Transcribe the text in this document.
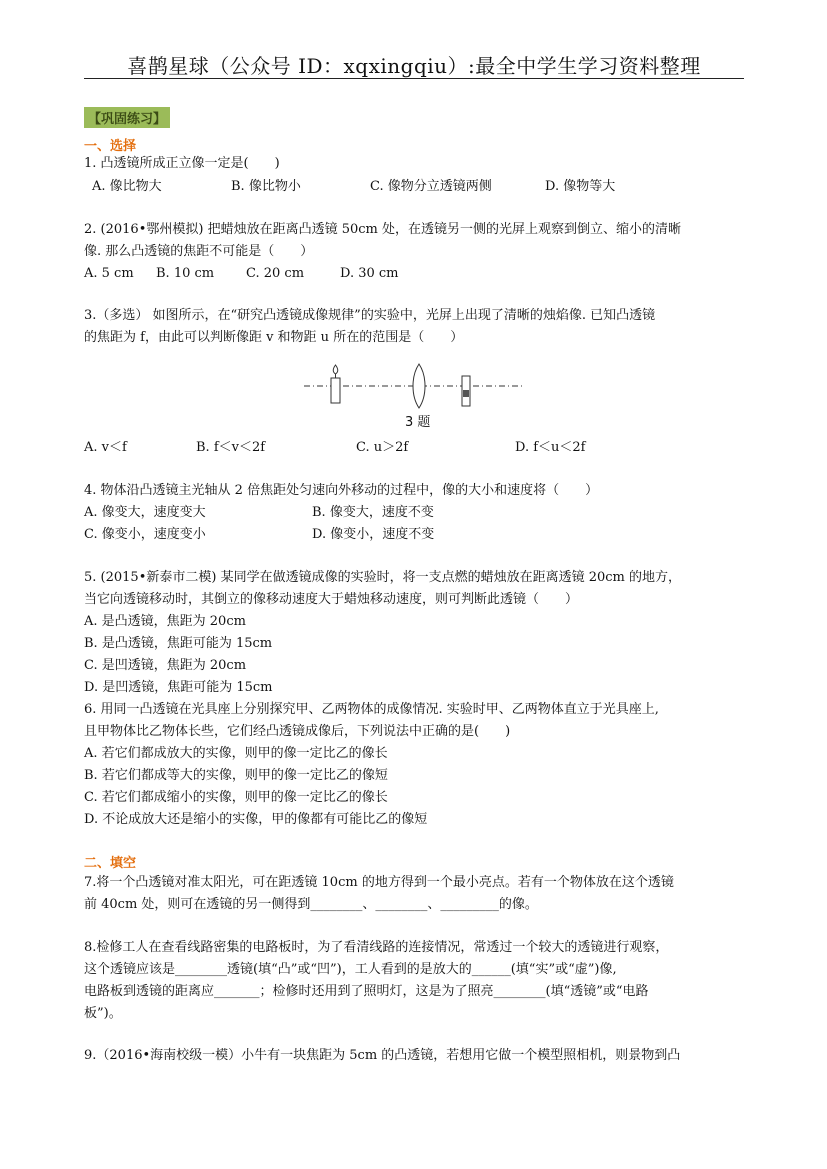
喜鹊星球（公众号 ID：xqxingqiu）:最全中学生学习资料整理
【巩固练习】
一、选择
1. 凸透镜所成正立像一定是(　　)
A. 像比物大	B. 像比物小	C. 像物分立透镜两侧	D. 像物等大
2. (2016•鄂州模拟) 把蜡烛放在距离凸透镜 50cm 处，在透镜另一侧的光屏上观察到倒立、缩小的清晰
像. 那么凸透镜的焦距不可能是（　　）
A. 5 cm B. 10 cm C. 20 cm	D. 30 cm
3.（多选） 如图所示，在“研究凸透镜成像规律”的实验中，光屏上出现了清晰的烛焰像. 已知凸透镜
的焦距为 f，由此可以判断像距 v 和物距 u 所在的范围是（　　）
3 题
A. v＜f	B. f＜v＜2f	C. u＞2f	D. f＜u＜2f
4. 物体沿凸透镜主光轴从 2 倍焦距处匀速向外移动的过程中，像的大小和速度将（　　）
A. 像变大，速度变大	B. 像变大，速度不变
C. 像变小，速度变小	D. 像变小，速度不变
5. (2015•新泰市二模) 某同学在做透镜成像的实验时，将一支点燃的蜡烛放在距离透镜 20cm 的地方，
当它向透镜移动时，其倒立的像移动速度大于蜡烛移动速度，则可判断此透镜（　　）
A. 是凸透镜，焦距为 20cm
B. 是凸透镜，焦距可能为 15cm
C. 是凹透镜，焦距为 20cm
D. 是凹透镜，焦距可能为 15cm
6. 用同一凸透镜在光具座上分别探究甲、乙两物体的成像情况. 实验时甲、乙两物体直立于光具座上,
且甲物体比乙物体长些，它们经凸透镜成像后，下列说法中正确的是(　　)
A. 若它们都成放大的实像，则甲的像一定比乙的像长
B. 若它们都成等大的实像，则甲的像一定比乙的像短
C. 若它们都成缩小的实像，则甲的像一定比乙的像长
D. 不论成放大还是缩小的实像，甲的像都有可能比乙的像短
二、填空
7.将一个凸透镜对准太阳光，可在距透镜 10cm 的地方得到一个最小亮点。若有一个物体放在这个透镜
前 40cm 处，则可在透镜的另一侧得到________、________、_________的像。
8.检修工人在查看线路密集的电路板时，为了看清线路的连接情况，常透过一个较大的透镜进行观察，
这个透镜应该是________透镜(填“凸”或“凹”)，工人看到的是放大的______(填“实”或“虚”)像,
电路板到透镜的距离应_______；检修时还用到了照明灯，这是为了照亮________(填“透镜”或“电路
板”)。
9.（2016•海南校级一模）小牛有一块焦距为 5cm 的凸透镜，若想用它做一个模型照相机，则景物到凸
